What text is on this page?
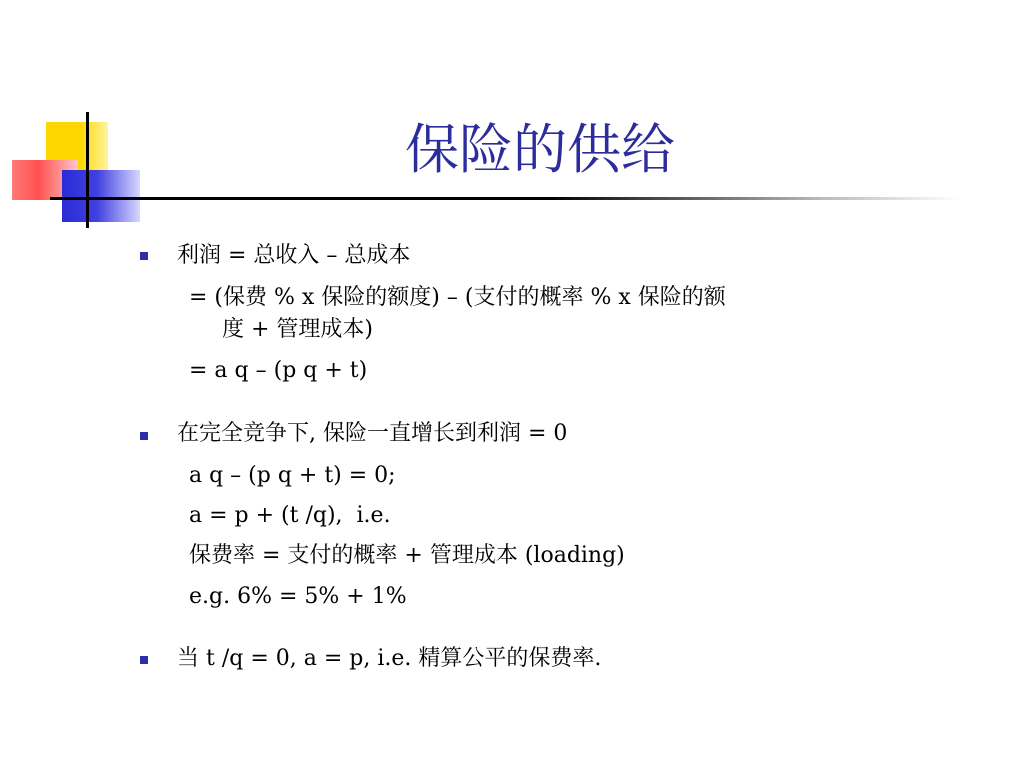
保险的供给
利润 = 总收入 – 总成本
= (保费 % x 保险的额度) – (支付的概率 % x 保险的额
度 + 管理成本)
= a q – (p q + t)
在完全竞争下, 保险一直增长到利润 = 0
a q – (p q + t) = 0;
a = p + (t /q),  i.e.
保费率 = 支付的概率 + 管理成本 (loading)
e.g. 6% = 5% + 1%
当 t /q = 0, a = p, i.e. 精算公平的保费率.
